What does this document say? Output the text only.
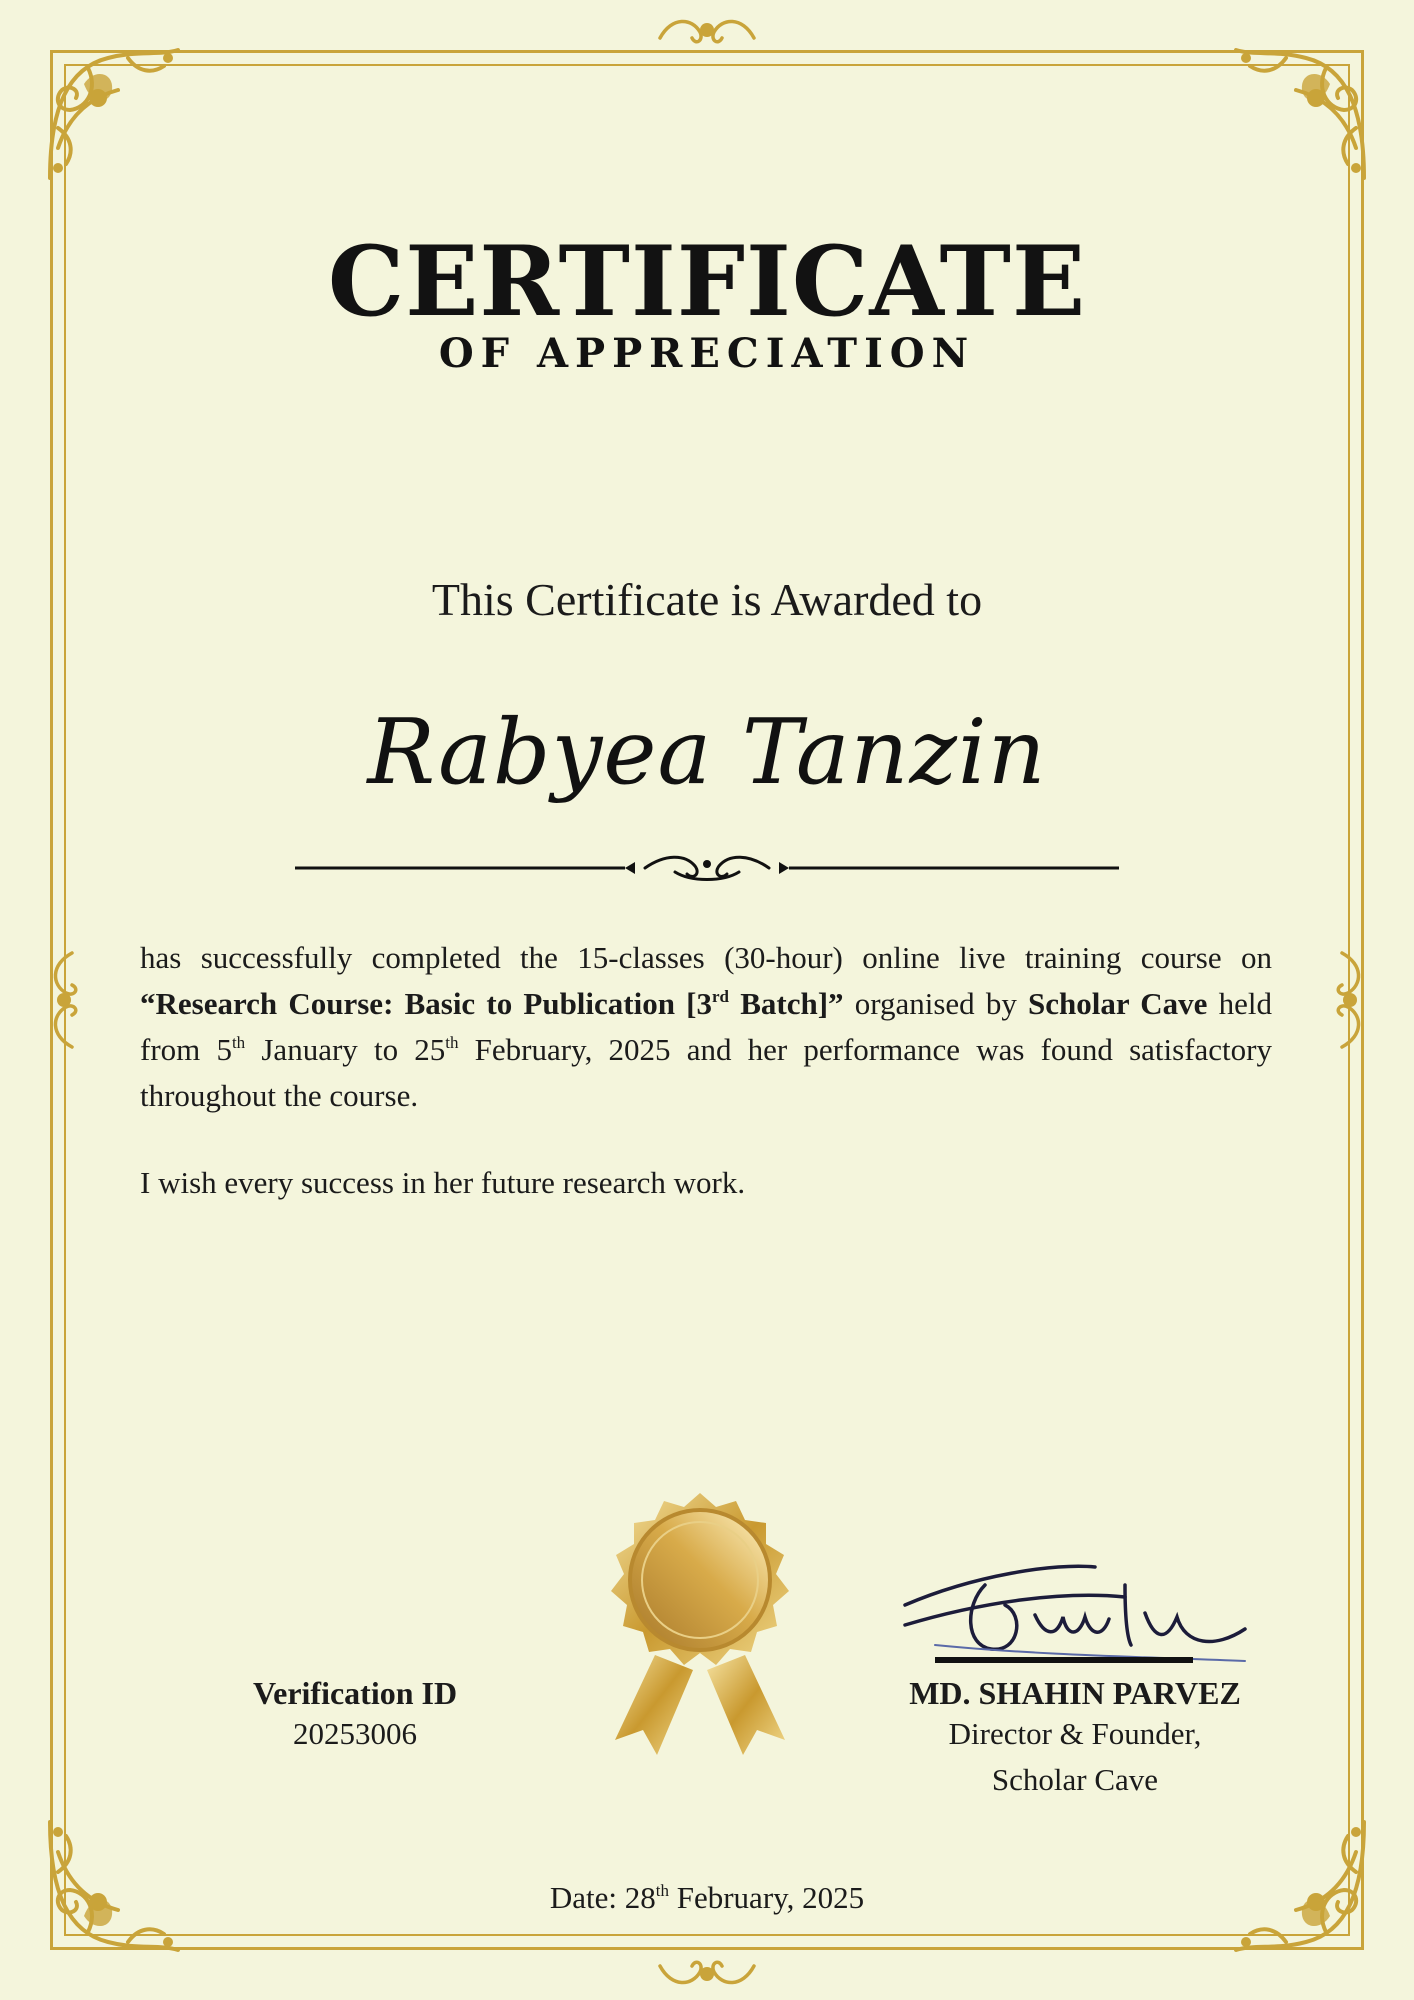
CERTIFICATE
OF APPRECIATION
This Certificate is Awarded to
Rabyea Tanzin
has successfully completed the 15-classes (30-hour) online live training course on “Research Course: Basic to Publication [3rd Batch]” organised by Scholar Cave held from 5th January to 25th February, 2025 and her performance was found satisfactory throughout the course.
I wish every success in her future research work.
Verification ID
20253006
MD. SHAHIN PARVEZ
Director & Founder,
Scholar Cave
Date: 28th February, 2025
